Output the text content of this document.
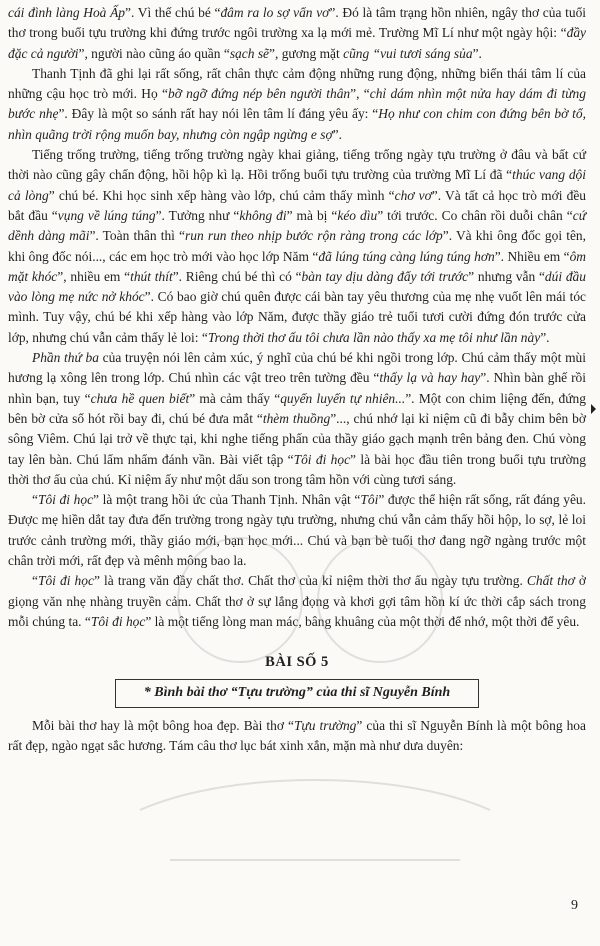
cái đình làng Hoà Ấp”. Vì thế chú bé “đâm ra lo sợ vẩn vơ”. Đó là tâm trạng hồn nhiên, ngây thơ của tuổi thơ trong buổi tựu trường khi đứng trước ngôi trường xa lạ mới mẻ. Trường Mĩ Lí như một ngày hội: “đầy đặc cả người”, người nào cũng áo quần “sạch sẽ”, gương mặt cũng “vui tươi sáng sủa”.

Thanh Tịnh đã ghi lại rất sống, rất chân thực cảm động những rung động, những biến thái tâm lí của những cậu học trò mới. Họ “bỡ ngỡ đứng nép bên người thân”, “chỉ dám nhìn một nửa hay dám đi từng bước nhẹ”. Đây là một so sánh rất hay nói lên tâm lí đáng yêu ấy: “Họ như con chim con đứng bên bờ tổ, nhìn quãng trời rộng muốn bay, nhưng còn ngập ngừng e sợ”.

Tiếng trống trường, tiếng trống trường ngày khai giảng, tiếng trống ngày tựu trường ở đâu và bất cứ thời nào cũng gây chấn động, hồi hộp kì lạ. Hồi trống buổi tựu trường của trường Mĩ Lí đã “thúc vang dội cả lòng” chú bé. Khi học sinh xếp hàng vào lớp, chú cảm thấy mình “chơ vơ”. Và tất cả học trò mới đều bắt đầu “vụng về lúng túng”. Tưởng như “không đi” mà bị “kéo dìu” tới trước. Co chân rồi duỗi chân “cứ dềnh dàng mãi”. Toàn thân thì “run run theo nhịp bước rộn ràng trong các lớp”. Và khi ông đốc gọi tên, khi ông đốc nói..., các em học trò mới vào học lớp Năm “đã lúng túng càng lúng túng hơn”. Nhiều em “ôm mặt khóc”, nhiều em “thút thít”. Riêng chú bé thì có “bàn tay dịu dàng đẩy tới trước” nhưng vẫn “dúi đầu vào lòng mẹ nức nở khóc”. Có bao giờ chú quên được cái bàn tay yêu thương của mẹ nhẹ vuốt lên mái tóc mình. Tuy vậy, chú bé khi xếp hàng vào lớp Năm, được thầy giáo trẻ tuổi tươi cười đứng đón trước cửa lớp, nhưng chú vẫn cảm thấy lẻ loi: “Trong thời thơ ấu tôi chưa lần nào thấy xa mẹ tôi như lần này”.

Phần thứ ba của truyện nói lên cảm xúc, ý nghĩ của chú bé khi ngồi trong lớp. Chú cảm thấy một mùi hương lạ xông lên trong lớp. Chú nhìn các vật treo trên tường đều “thấy lạ và hay hay”. Nhìn bàn ghế rồi nhìn bạn, tuy “chưa hề quen biết” mà cảm thấy “quyến luyến tự nhiên...”. Một con chim liệng đến, đứng bên bờ cửa sổ hót rồi bay đi, chú bé đưa mắt “thèm thuồng”..., chú nhớ lại kỉ niệm cũ đi bẫy chim bên bờ sông Viêm. Chú lại trở về thực tại, khi nghe tiếng phấn của thầy giáo gạch mạnh trên bảng đen. Chú vòng tay lên bàn. Chú lẩm nhẩm đánh vần. Bài viết tập “Tôi đi học” là bài học đầu tiên trong buổi tựu trường thời thơ ấu của chú. Kỉ niệm ấy như một dấu son trong tâm hồn với cùng tươi sáng.

“Tôi đi học” là một trang hồi ức của Thanh Tịnh. Nhân vật “Tôi” được thể hiện rất sống, rất đáng yêu. Được mẹ hiền dắt tay đưa đến trường trong ngày tựu trường, nhưng chú vẫn cảm thấy hồi hộp, lo sợ, lẻ loi trước cảnh trường mới, thầy giáo mới, bạn học mới... Chú và bạn bè tuổi thơ đang ngỡ ngàng trước một chân trời mới, rất đẹp và mênh mông bao la.

“Tôi đi học” là trang văn đầy chất thơ. Chất thơ của kỉ niệm thời thơ ấu ngày tựu trường. Chất thơ ở giọng văn nhẹ nhàng truyền cảm. Chất thơ ở sự lắng đọng và khơi gợi tâm hồn kí ức thời cắp sách trong mỗi chúng ta. “Tôi đi học” là một tiếng lòng man mác, bâng khuâng của một thời để nhớ, một thời để yêu.

BÀI SỐ 5
* Bình bài thơ “Tựu trường” của thi sĩ Nguyễn Bính

Mỗi bài thơ hay là một bông hoa đẹp. Bài thơ “Tựu trường” của thi sĩ Nguyễn Bính là một bông hoa rất đẹp, ngào ngạt sắc hương. Tám câu thơ lục bát xinh xắn, mặn mà như dưa duyên:

9
